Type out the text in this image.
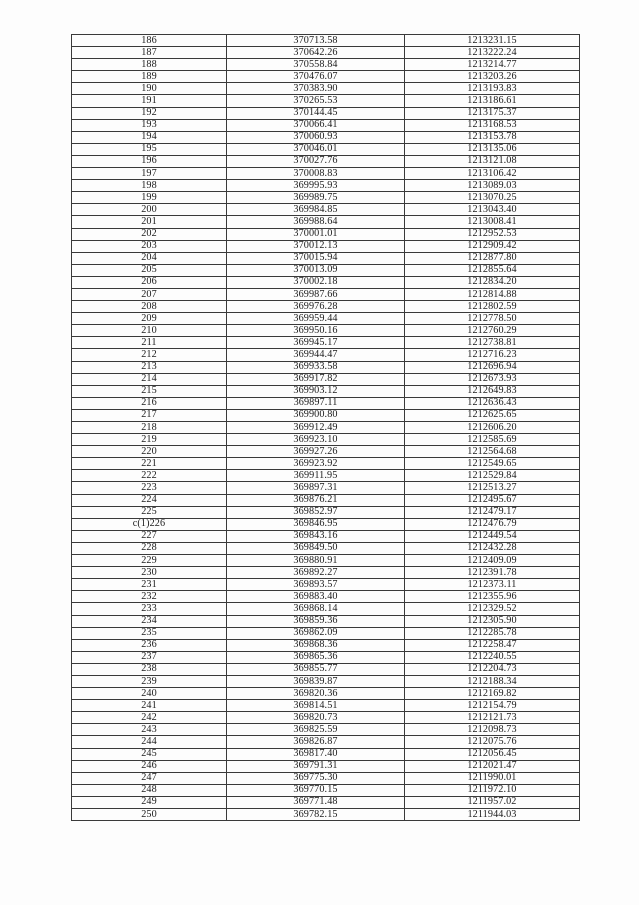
186	370713.58	1213231.15
187	370642.26	1213222.24
188	370558.84	1213214.77
189	370476.07	1213203.26
190	370383.90	1213193.83
191	370265.53	1213186.61
192	370144.45	1213175.37
193	370066.41	1213168.53
194	370060.93	1213153.78
195	370046.01	1213135.06
196	370027.76	1213121.08
197	370008.83	1213106.42
198	369995.93	1213089.03
199	369989.75	1213070.25
200	369984.85	1213043.40
201	369988.64	1213008.41
202	370001.01	1212952.53
203	370012.13	1212909.42
204	370015.94	1212877.80
205	370013.09	1212855.64
206	370002.18	1212834.20
207	369987.66	1212814.88
208	369976.28	1212802.59
209	369959.44	1212778.50
210	369950.16	1212760.29
211	369945.17	1212738.81
212	369944.47	1212716.23
213	369933.58	1212696.94
214	369917.82	1212673.93
215	369903.12	1212649.83
216	369897.11	1212636.43
217	369900.80	1212625.65
218	369912.49	1212606.20
219	369923.10	1212585.69
220	369927.26	1212564.68
221	369923.92	1212549.65
222	369911.95	1212529.84
223	369897.31	1212513.27
224	369876.21	1212495.67
225	369852.97	1212479.17
c(1)226	369846.95	1212476.79
227	369843.16	1212449.54
228	369849.50	1212432.28
229	369880.91	1212409.09
230	369892.27	1212391.78
231	369893.57	1212373.11
232	369883.40	1212355.96
233	369868.14	1212329.52
234	369859.36	1212305.90
235	369862.09	1212285.78
236	369868.36	1212258.47
237	369865.36	1212240.55
238	369855.77	1212204.73
239	369839.87	1212188.34
240	369820.36	1212169.82
241	369814.51	1212154.79
242	369820.73	1212121.73
243	369825.59	1212098.73
244	369826.87	1212075.76
245	369817.40	1212056.45
246	369791.31	1212021.47
247	369775.30	1211990.01
248	369770.15	1211972.10
249	369771.48	1211957.02
250	369782.15	1211944.03
